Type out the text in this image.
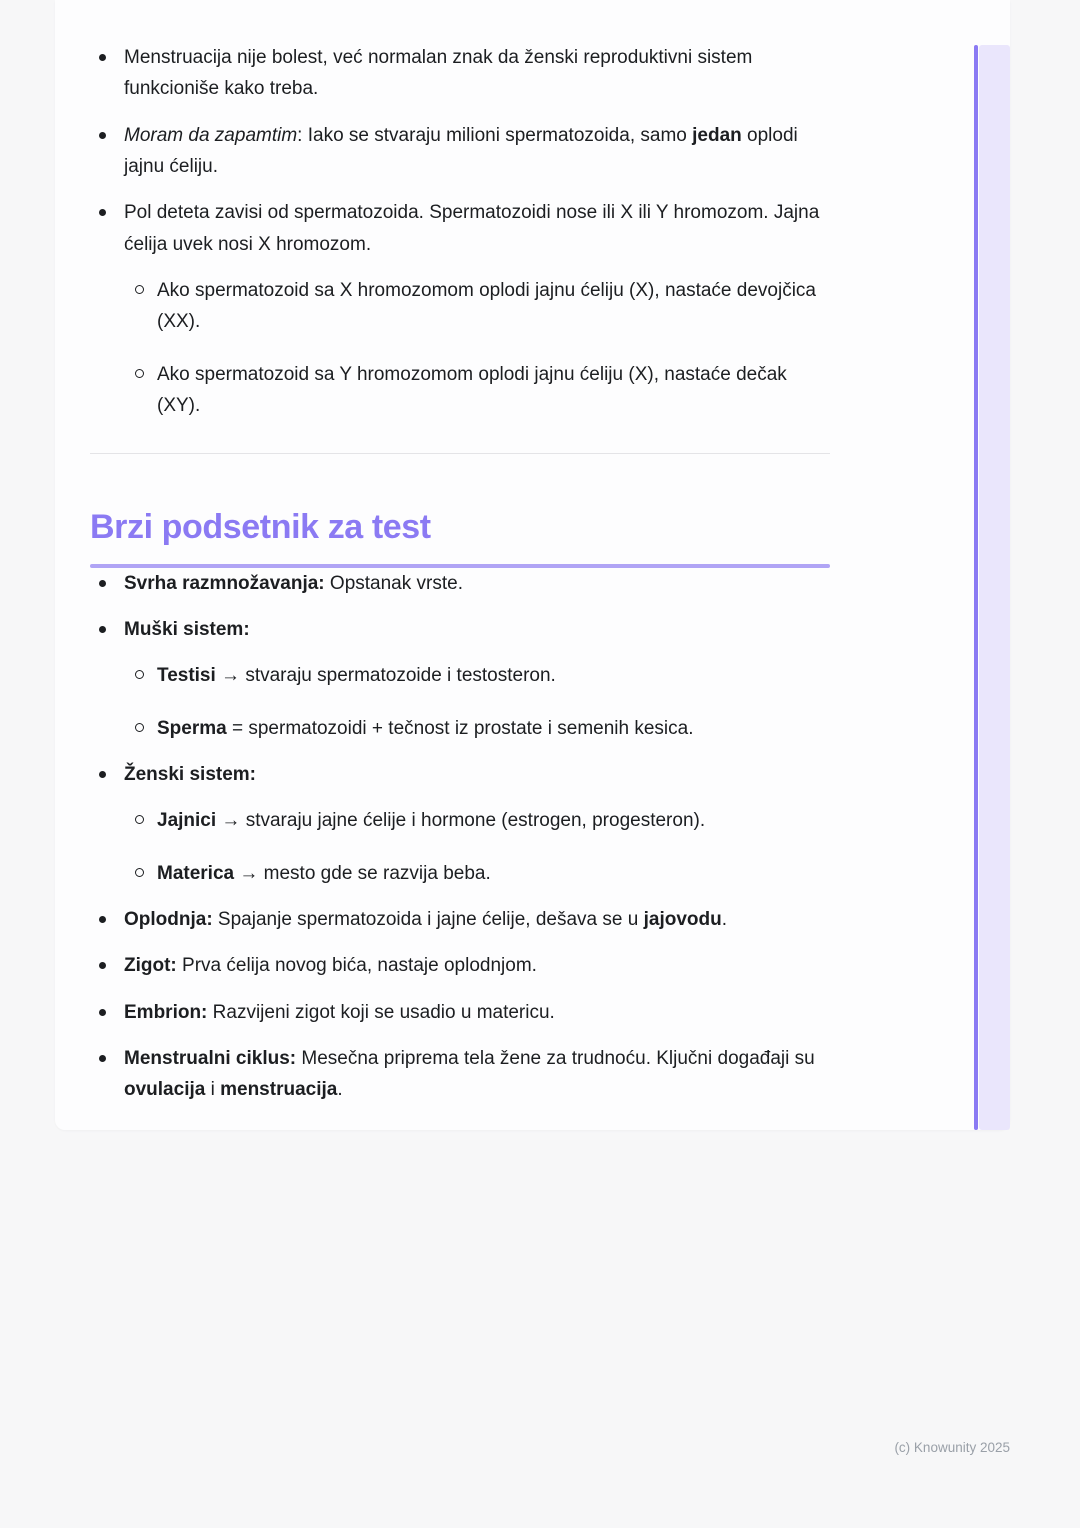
Menstruacija nije bolest, već normalan znak da ženski reproduktivni sistem funkcioniše kako treba.
Moram da zapamtim: Iako se stvaraju milioni spermatozoida, samo jedan oplodi jajnu ćeliju.
Pol deteta zavisi od spermatozoida. Spermatozoidi nose ili X ili Y hromozom. Jajna ćelija uvek nosi X hromozom.
Ako spermatozoid sa X hromozomom oplodi jajnu ćeliju (X), nastaće devojčica (XX).
Ako spermatozoid sa Y hromozomom oplodi jajnu ćeliju (X), nastaće dečak (XY).
Brzi podsetnik za test
Svrha razmnožavanja: Opstanak vrste.
Muški sistem:
Testisi → stvaraju spermatozoide i testosteron.
Sperma = spermatozoidi + tečnost iz prostate i semenih kesica.
Ženski sistem:
Jajnici → stvaraju jajne ćelije i hormone (estrogen, progesteron).
Materica → mesto gde se razvija beba.
Oplodnja: Spajanje spermatozoida i jajne ćelije, dešava se u jajovodu.
Zigot: Prva ćelija novog bića, nastaje oplodnjom.
Embrion: Razvijeni zigot koji se usadio u matericu.
Menstrualni ciklus: Mesečna priprema tela žene za trudnoću. Ključni događaji su ovulacija i menstruacija.
(c) Knowunity 2025
